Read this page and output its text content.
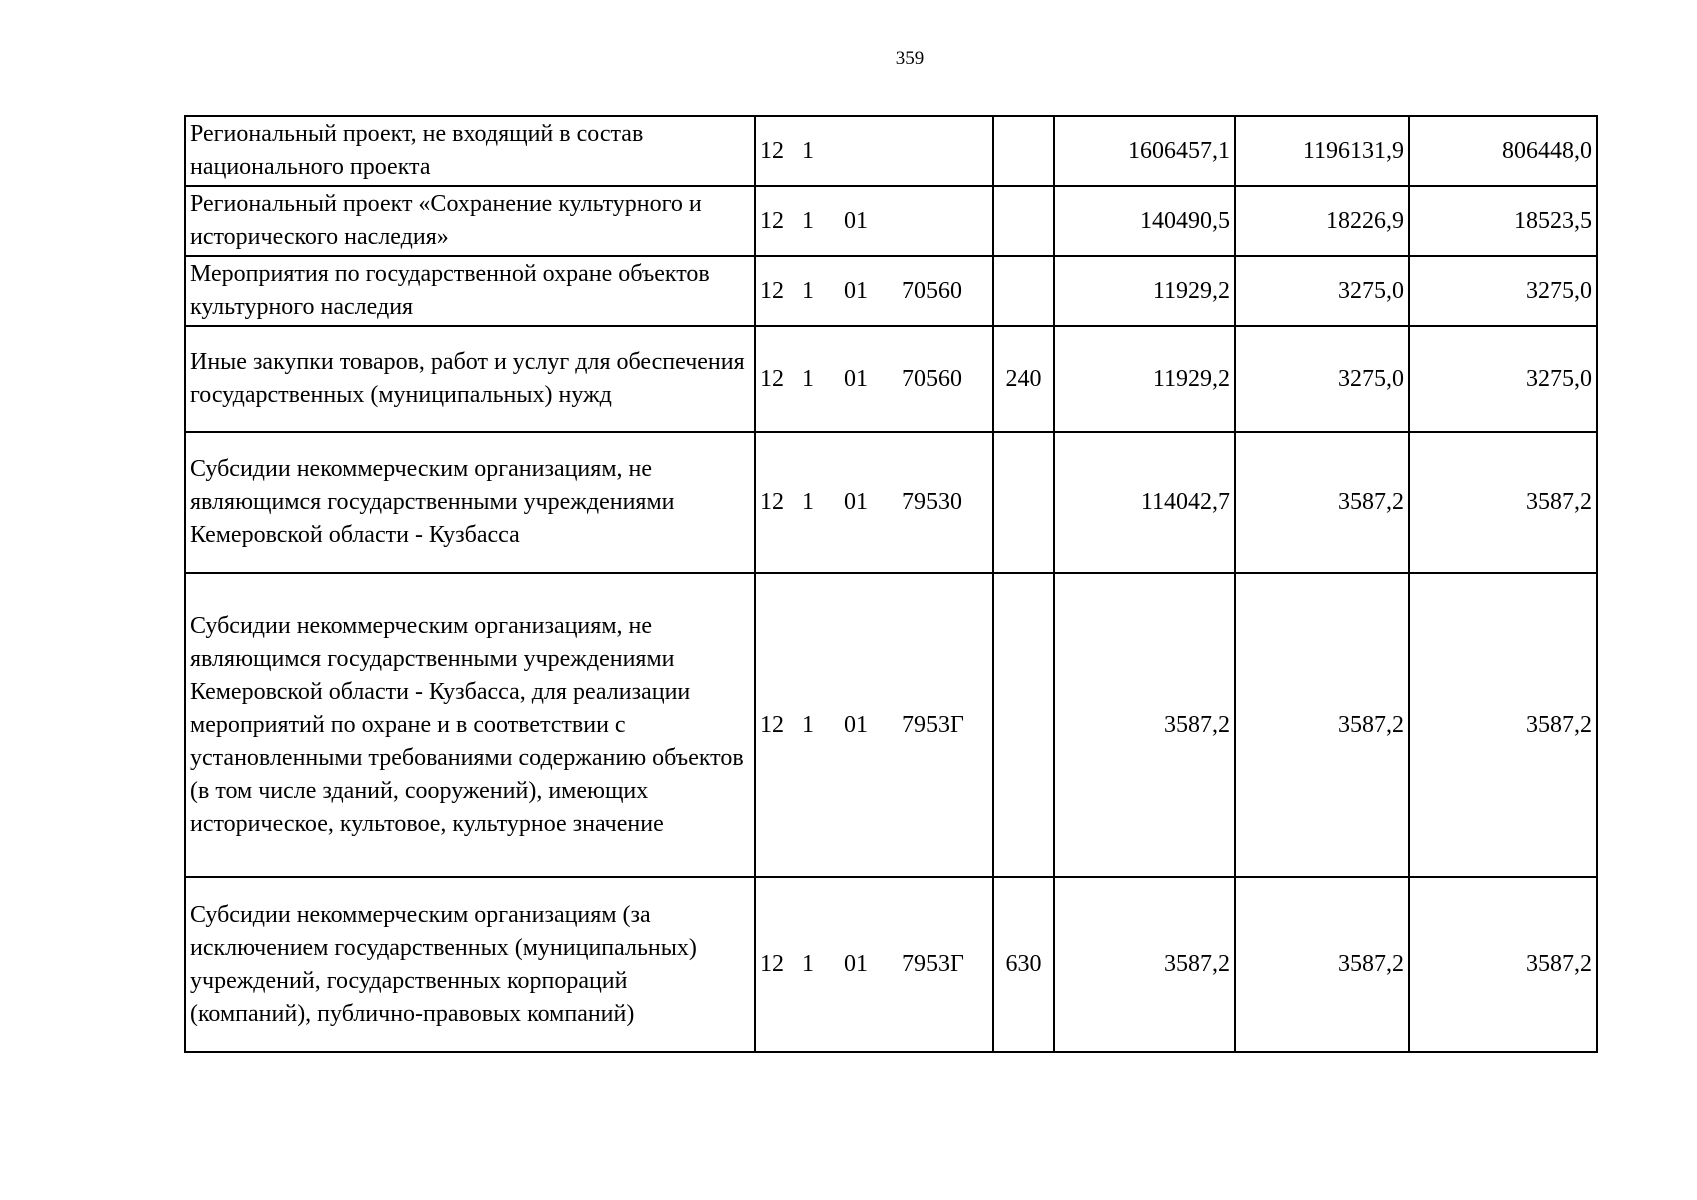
359
Региональный проект, не входящий в состав национального проекта	12 1		1606457,1	1196131,9	806448,0
Региональный проект «Сохранение культурного и исторического наследия»	12 1 01		140490,5	18226,9	18523,5
Мероприятия по государственной охране объектов культурного наследия	12 1 01 70560		11929,2	3275,0	3275,0
Иные закупки товаров, работ и услуг для обеспечения государственных (муниципальных) нужд	12 1 01 70560	240	11929,2	3275,0	3275,0
Субсидии некоммерческим организациям, не являющимся государственными учреждениями Кемеровской области - Кузбасса	12 1 01 79530		114042,7	3587,2	3587,2
Субсидии некоммерческим организациям, не являющимся государственными учреждениями Кемеровской области - Кузбасса, для реализации мероприятий по охране и в соответствии с установленными требованиями содержанию объектов (в том числе зданий, сооружений), имеющих историческое, культовое, культурное значение	12 1 01 7953Г		3587,2	3587,2	3587,2
Субсидии некоммерческим организациям (за исключением государственных (муниципальных) учреждений, государственных корпораций (компаний), публично-правовых компаний)	12 1 01 7953Г	630	3587,2	3587,2	3587,2
